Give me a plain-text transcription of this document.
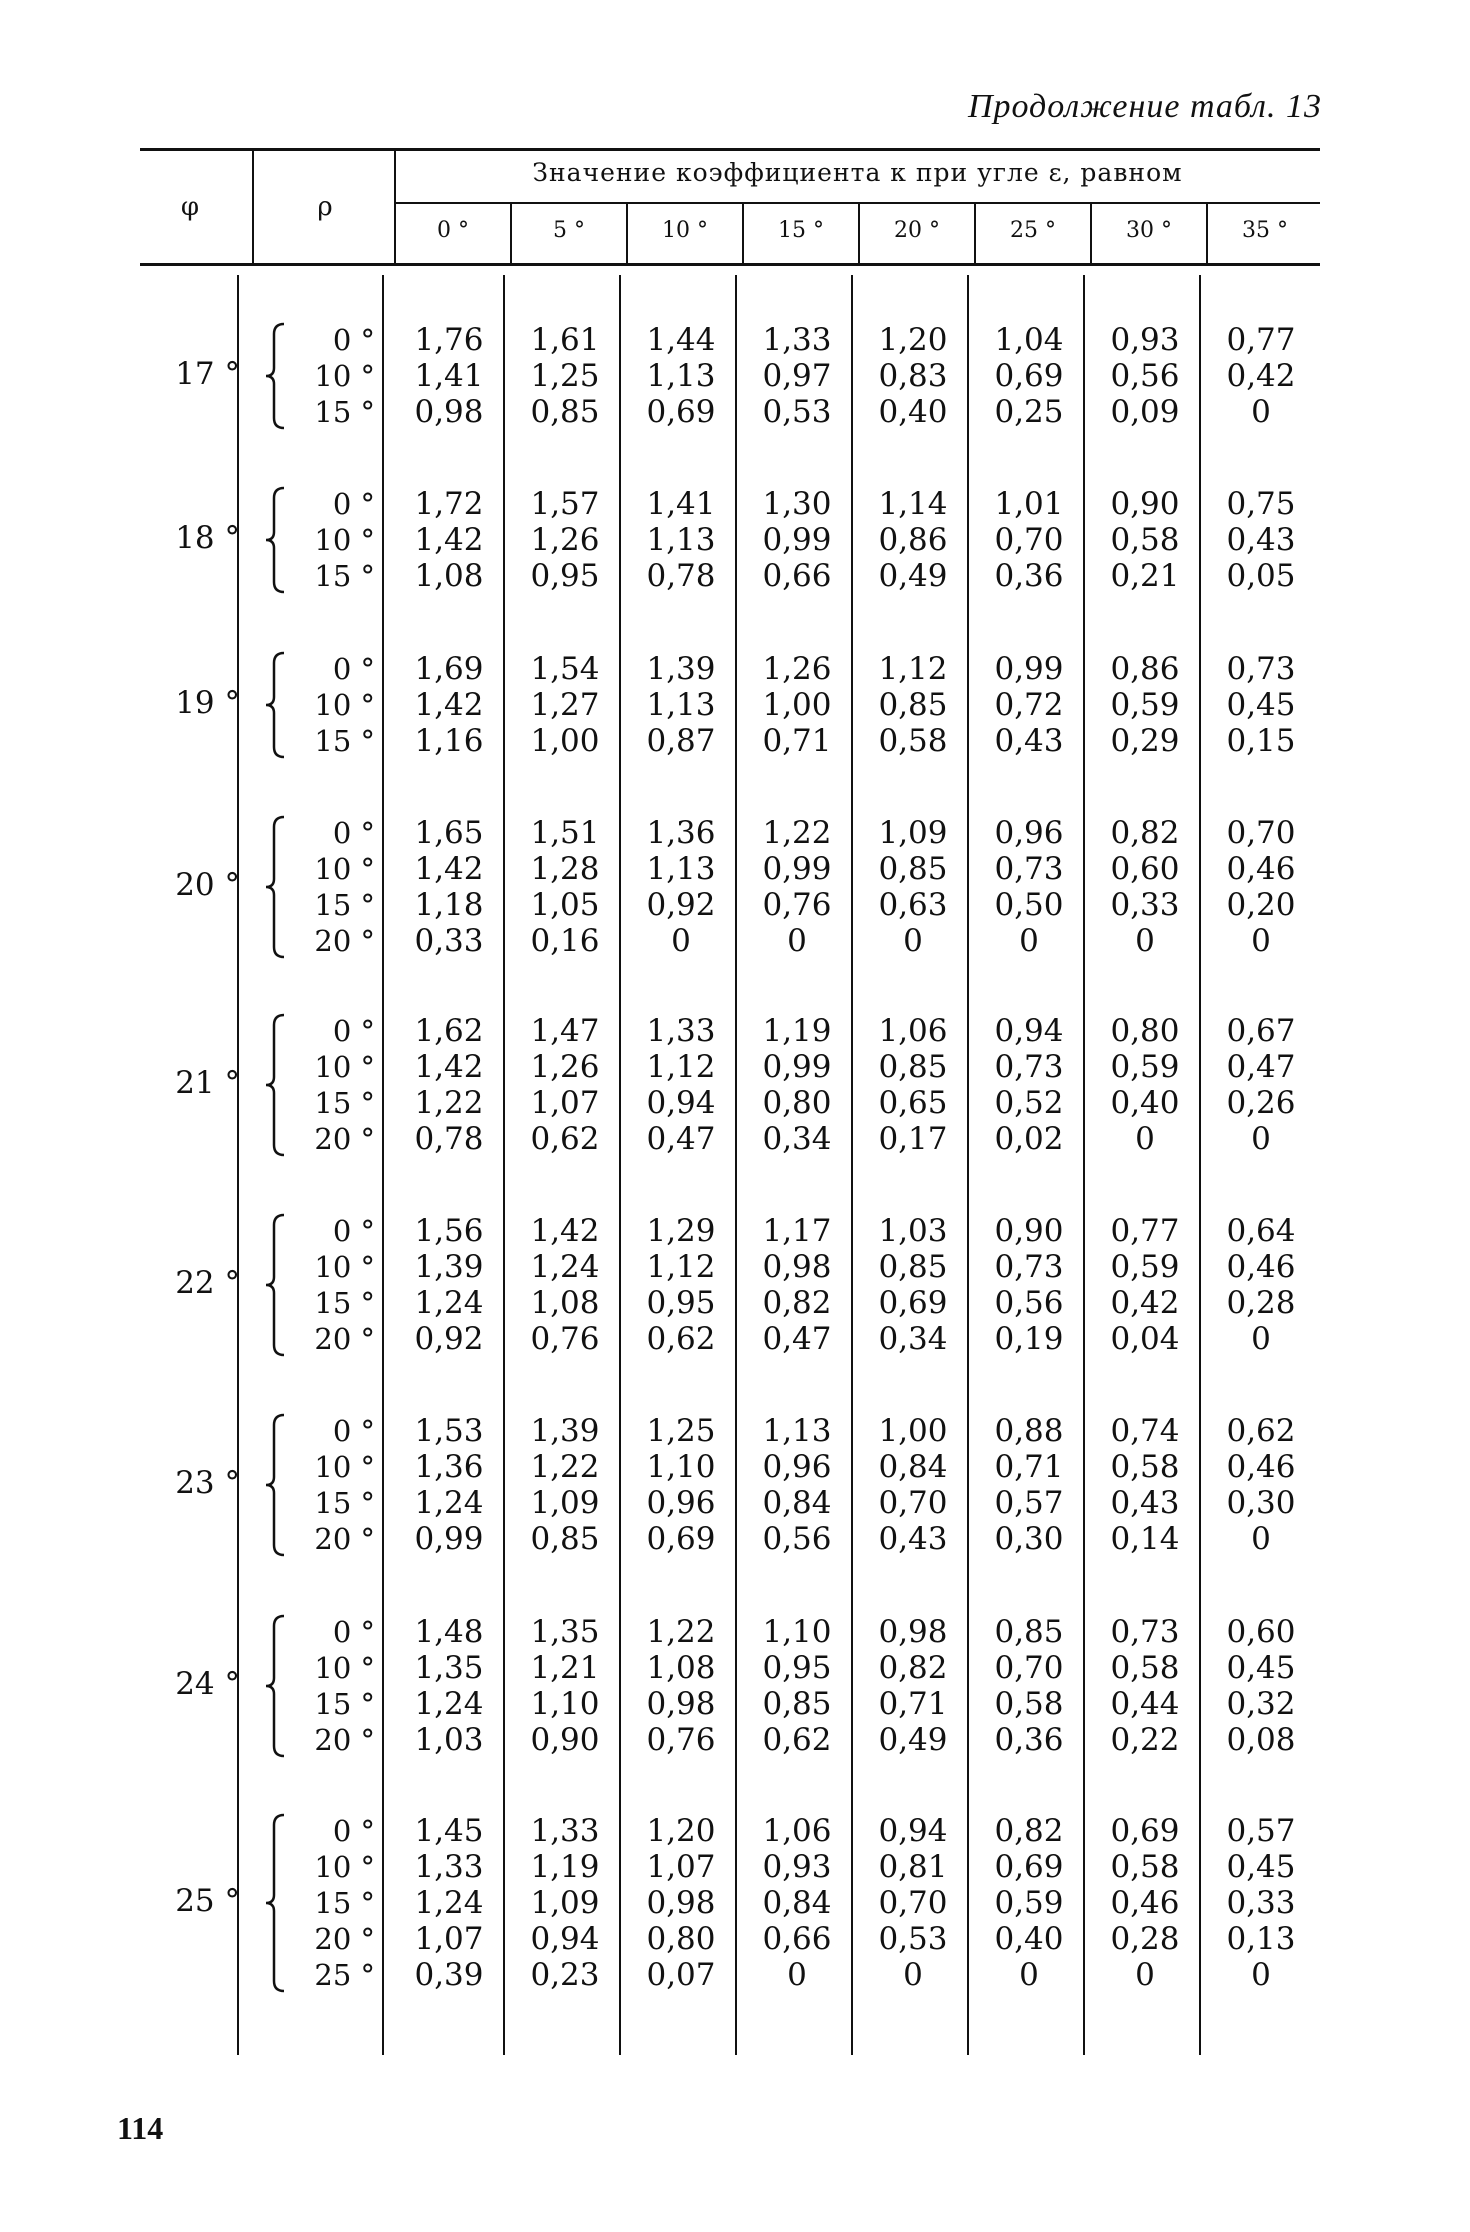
Продолжение табл. 13
φ	ρ
Значение коэффициента κ при угле ε, равном
0 °	5 °	10 °	15 °	20 °	25 °	30 °	35 °
17 °
0 °	1,76	1,61	1,44	1,33	1,20	1,04	0,93	0,77
10 °	1,41	1,25	1,13	0,97	0,83	0,69	0,56	0,42
15 °	0,98	0,85	0,69	0,53	0,40	0,25	0,09	0
18 °
0 °	1,72	1,57	1,41	1,30	1,14	1,01	0,90	0,75
10 °	1,42	1,26	1,13	0,99	0,86	0,70	0,58	0,43
15 °	1,08	0,95	0,78	0,66	0,49	0,36	0,21	0,05
19 °
0 °	1,69	1,54	1,39	1,26	1,12	0,99	0,86	0,73
10 °	1,42	1,27	1,13	1,00	0,85	0,72	0,59	0,45
15 °	1,16	1,00	0,87	0,71	0,58	0,43	0,29	0,15
20 °
0 °	1,65	1,51	1,36	1,22	1,09	0,96	0,82	0,70
10 °	1,42	1,28	1,13	0,99	0,85	0,73	0,60	0,46
15 °	1,18	1,05	0,92	0,76	0,63	0,50	0,33	0,20
20 °	0,33	0,16	0	0	0	0	0	0
21 °
0 °	1,62	1,47	1,33	1,19	1,06	0,94	0,80	0,67
10 °	1,42	1,26	1,12	0,99	0,85	0,73	0,59	0,47
15 °	1,22	1,07	0,94	0,80	0,65	0,52	0,40	0,26
20 °	0,78	0,62	0,47	0,34	0,17	0,02	0	0
22 °
0 °	1,56	1,42	1,29	1,17	1,03	0,90	0,77	0,64
10 °	1,39	1,24	1,12	0,98	0,85	0,73	0,59	0,46
15 °	1,24	1,08	0,95	0,82	0,69	0,56	0,42	0,28
20 °	0,92	0,76	0,62	0,47	0,34	0,19	0,04	0
23 °
0 °	1,53	1,39	1,25	1,13	1,00	0,88	0,74	0,62
10 °	1,36	1,22	1,10	0,96	0,84	0,71	0,58	0,46
15 °	1,24	1,09	0,96	0,84	0,70	0,57	0,43	0,30
20 °	0,99	0,85	0,69	0,56	0,43	0,30	0,14	0
24 °
0 °	1,48	1,35	1,22	1,10	0,98	0,85	0,73	0,60
10 °	1,35	1,21	1,08	0,95	0,82	0,70	0,58	0,45
15 °	1,24	1,10	0,98	0,85	0,71	0,58	0,44	0,32
20 °	1,03	0,90	0,76	0,62	0,49	0,36	0,22	0,08
25 °
0 °	1,45	1,33	1,20	1,06	0,94	0,82	0,69	0,57
10 °	1,33	1,19	1,07	0,93	0,81	0,69	0,58	0,45
15 °	1,24	1,09	0,98	0,84	0,70	0,59	0,46	0,33
20 °	1,07	0,94	0,80	0,66	0,53	0,40	0,28	0,13
25 °	0,39	0,23	0,07	0	0	0	0	0
114
